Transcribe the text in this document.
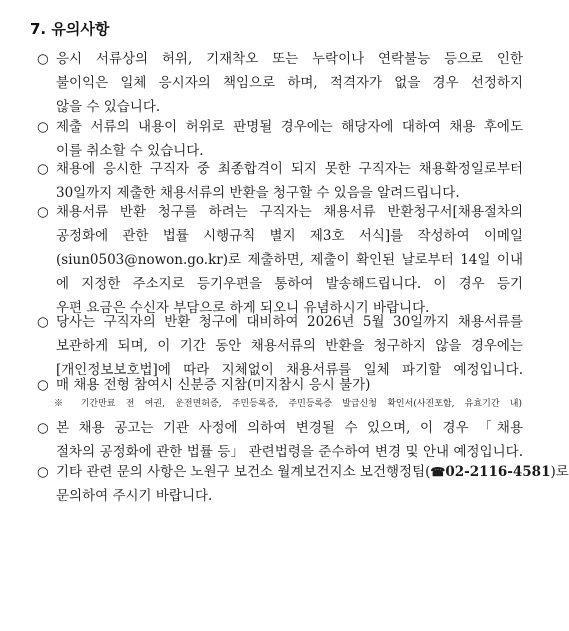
7. 유의사항
○ 응시 서류상의 허위, 기재착오 또는 누락이나 연락불능 등으로 인한
불이익은 일체 응시자의 책임으로 하며, 적격자가 없을 경우 선정하지
않을 수 있습니다.
○ 제출 서류의 내용이 허위로 판명될 경우에는 해당자에 대하여 채용 후에도
이를 취소할 수 있습니다.
○ 채용에 응시한 구직자 중 최종합격이 되지 못한 구직자는 채용확정일로부터
30일까지 제출한 채용서류의 반환을 청구할 수 있음을 알려드립니다.
○ 채용서류 반환 청구를 하려는 구직자는 채용서류 반환청구서[채용절차의
공정화에 관한 법률 시행규칙 별지 제3호 서식]를 작성하여 이메일
(siun0503@nowon.go.kr)로 제출하면, 제출이 확인된 날로부터 14일 이내
에 지정한 주소지로 등기우편을 통하여 발송해드립니다. 이 경우 등기
우편 요금은 수신자 부담으로 하게 되오니 유념하시기 바랍니다.
○ 당사는 구직자의 반환 청구에 대비하여 2026년 5월 30일까지 채용서류를
보관하게 되며, 이 기간 동안 채용서류의 반환을 청구하지 않을 경우에는
[개인정보보호법]에 따라 지체없이 채용서류를 일체 파기할 예정입니다.
○ 매 채용 전형 참여시 신분증 지참(미지참시 응시 불가)
※ 기간만료 전 여권, 운전면허증, 주민등록증, 주민등록증 발급신청 확인서(사진포함, 유효기간 내)
○ 본 채용 공고는 기관 사정에 의하여 변경될 수 있으며, 이 경우 「채용
절차의 공정화에 관한 법률 등」 관련법령을 준수하여 변경 및 안내 예정입니다.
○ 기타 관련 문의 사항은 노원구 보건소 월계보건지소 보건행정팀(☎02-2116-4581)로
문의하여 주시기 바랍니다.
